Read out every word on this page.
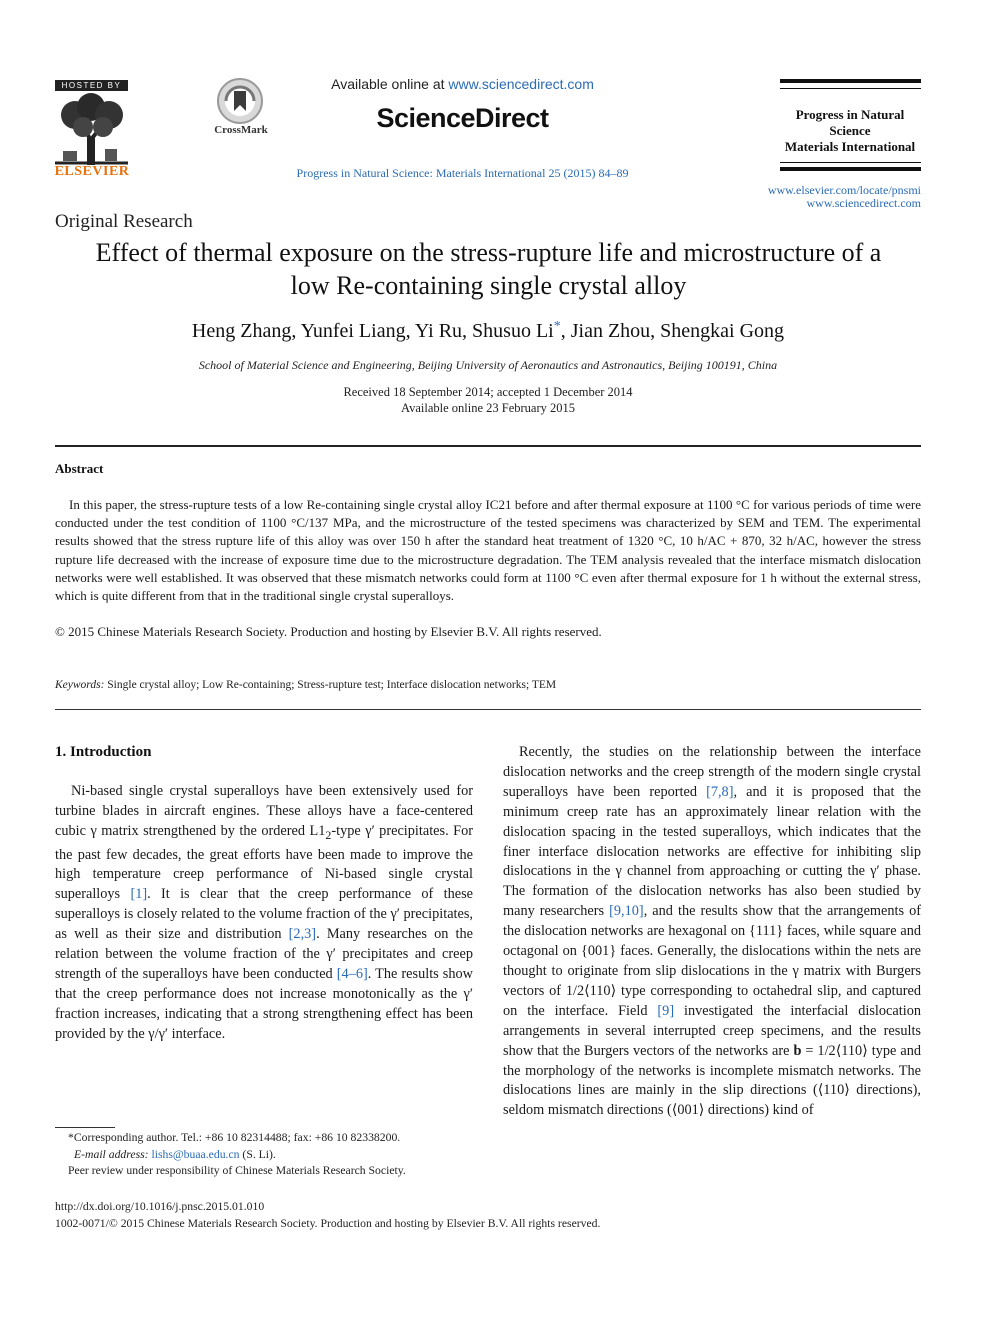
HOSTED BY
ELSEVIER
CrossMark
Available online at www.sciencedirect.com
ScienceDirect
Progress in Natural Science: Materials International 25 (2015) 84–89
Progress in Natural
Science
Materials International
www.elsevier.com/locate/pnsmi
www.sciencedirect.com
Original Research
Effect of thermal exposure on the stress-rupture life and microstructure of a
low Re-containing single crystal alloy
Heng Zhang, Yunfei Liang, Yi Ru, Shusuo Li*, Jian Zhou, Shengkai Gong
School of Material Science and Engineering, Beijing University of Aeronautics and Astronautics, Beijing 100191, China
Received 18 September 2014; accepted 1 December 2014
Available online 23 February 2015
Abstract
In this paper, the stress-rupture tests of a low Re-containing single crystal alloy IC21 before and after thermal exposure at 1100 °C for various periods of time were conducted under the test condition of 1100 °C/137 MPa, and the microstructure of the tested specimens was characterized by SEM and TEM. The experimental results showed that the stress rupture life of this alloy was over 150 h after the standard heat treatment of 1320 °C, 10 h/AC + 870, 32 h/AC, however the stress rupture life decreased with the increase of exposure time due to the microstructure degradation. The TEM analysis revealed that the interface mismatch dislocation networks were well established. It was observed that these mismatch networks could form at 1100 °C even after thermal exposure for 1 h without the external stress, which is quite different from that in the traditional single crystal superalloys.
© 2015 Chinese Materials Research Society. Production and hosting by Elsevier B.V. All rights reserved.
Keywords: Single crystal alloy; Low Re-containing; Stress-rupture test; Interface dislocation networks; TEM
1. Introduction
Ni-based single crystal superalloys have been extensively used for turbine blades in aircraft engines. These alloys have a face-centered cubic γ matrix strengthened by the ordered $L1_2$-type γ′ precipitates. For the past few decades, the great efforts have been made to improve the high temperature creep performance of Ni-based single crystal superalloys [1]. It is clear that the creep performance of these superalloys is closely related to the volume fraction of the γ′ precipitates, as well as their size and distribution [2,3]. Many researches on the relation between the volume fraction of the γ′ precipitates and creep strength of the superalloys have been conducted [4–6]. The results show that the creep performance does not increase monotonically as the γ′ fraction increases, indicating that a strong strengthening effect has been provided by the γ/γ′ interface.
Recently, the studies on the relationship between the interface dislocation networks and the creep strength of the modern single crystal superalloys have been reported [7,8], and it is proposed that the minimum creep rate has an approximately linear relation with the dislocation spacing in the tested superalloys, which indicates that the finer interface dislocation networks are effective for inhibiting slip dislocations in the γ channel from approaching or cutting the γ′ phase. The formation of the dislocation networks has also been studied by many researchers [9,10], and the results show that the arrangements of the dislocation networks are hexagonal on {111} faces, while square and octagonal on {001} faces. Generally, the dislocations within the nets are thought to originate from slip dislocations in the γ matrix with Burgers vectors of 1/2⟨110⟩ type corresponding to octahedral slip, and captured on the interface. Field [9] investigated the interfacial dislocation arrangements in several interrupted creep specimens, and the results show that the Burgers vectors of the networks are b = 1/2⟨110⟩ type and the morphology of the networks is incomplete mismatch networks. The dislocations lines are mainly in the slip directions (⟨110⟩ directions), seldom mismatch directions (⟨001⟩ directions) kind of
*Corresponding author. Tel.: +86 10 82314488; fax: +86 10 82338200.
E-mail address: lishs@buaa.edu.cn (S. Li).
Peer review under responsibility of Chinese Materials Research Society.
http://dx.doi.org/10.1016/j.pnsc.2015.01.010
1002-0071/© 2015 Chinese Materials Research Society. Production and hosting by Elsevier B.V. All rights reserved.
